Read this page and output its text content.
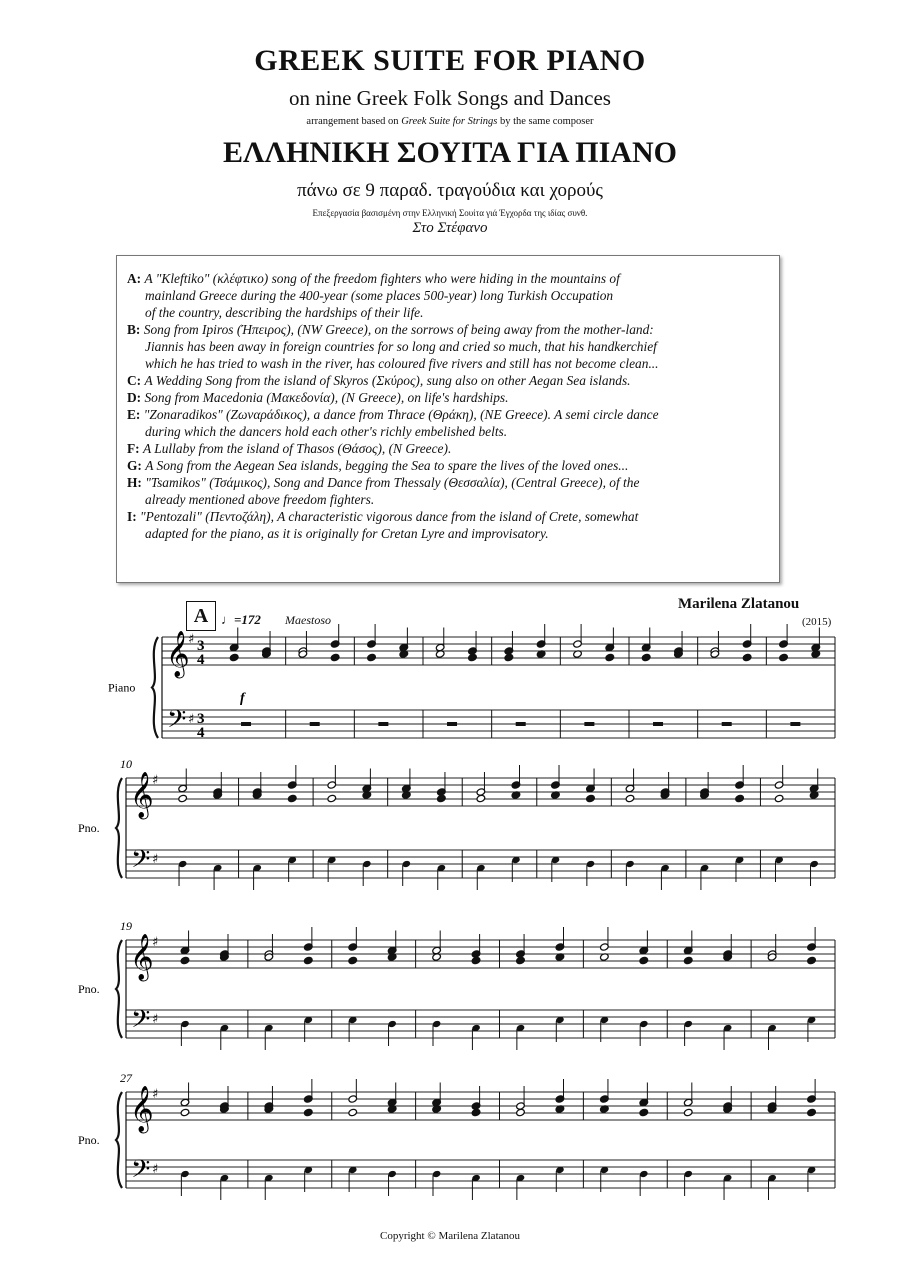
GREEK SUITE FOR PIANO
on nine Greek Folk Songs and Dances
arrangement based on Greek Suite for Strings by the same composer
ΕΛΛΗΝΙΚΗ ΣΟΥΙΤΑ ΓΙΑ ΠΙΑΝΟ
πάνω σε 9 παραδ. τραγούδια και χορούς
Επεξεργασία βασισμένη στην Ελληνική Σουίτα γιά Έγχορδα της ιδίας συνθ.
Στο Στέφανο
A: A "Kleftiko" (κλέφτικο) song of the freedom fighters who were hiding in the mountains of
mainland Greece during the 400-year (some places 500-year) long Turkish Occupation
of the country, describing the hardships of their life.
B: Song from Ipiros (Ήπειρος), (NW Greece), on the sorrows of being away from the mother-land:
Jiannis has been away in foreign countries for so long and cried so much, that his handkerchief
which he has tried to wash in the river, has coloured five rivers and still has not become clean...
C: A Wedding Song from the island of Skyros (Σκύρος), sung also on other Aegan Sea islands.
D: Song from Macedonia (Μακεδονία), (N Greece), on life's hardships.
E: "Zonaradikos" (Ζωναράδικος), a dance from Thrace (Θράκη), (NE Greece). A semi circle dance
during which the dancers hold each other's richly embelished belts.
F: A Lullaby from the island of Thasos (Θάσος), (N Greece).
G: A Song from the Aegean Sea islands, begging the Sea to spare the lives of the loved ones...
H: "Tsamikos" (Τσάμικος), Song and Dance from Thessaly (Θεσσαλία), (Central Greece), of the
already mentioned above freedom fighters.
I: "Pentozali" (Πεντοζάλη), A characteristic vigorous dance from the island of Crete, somewhat
adapted for the piano, as it is originally for Cretan Lyre and improvisatory.
𝄞
𝄢
♯
♯
3
4
3
4
Piano
𝄞
𝄢
♯
♯
10
Pno.
𝄞
𝄢
♯
♯
19
Pno.
𝄞
𝄢
♯
♯
27
Pno.
f
A ♩=172 Maestoso
Marilena Zlatanou
(2015)
Copyright © Marilena Zlatanou
